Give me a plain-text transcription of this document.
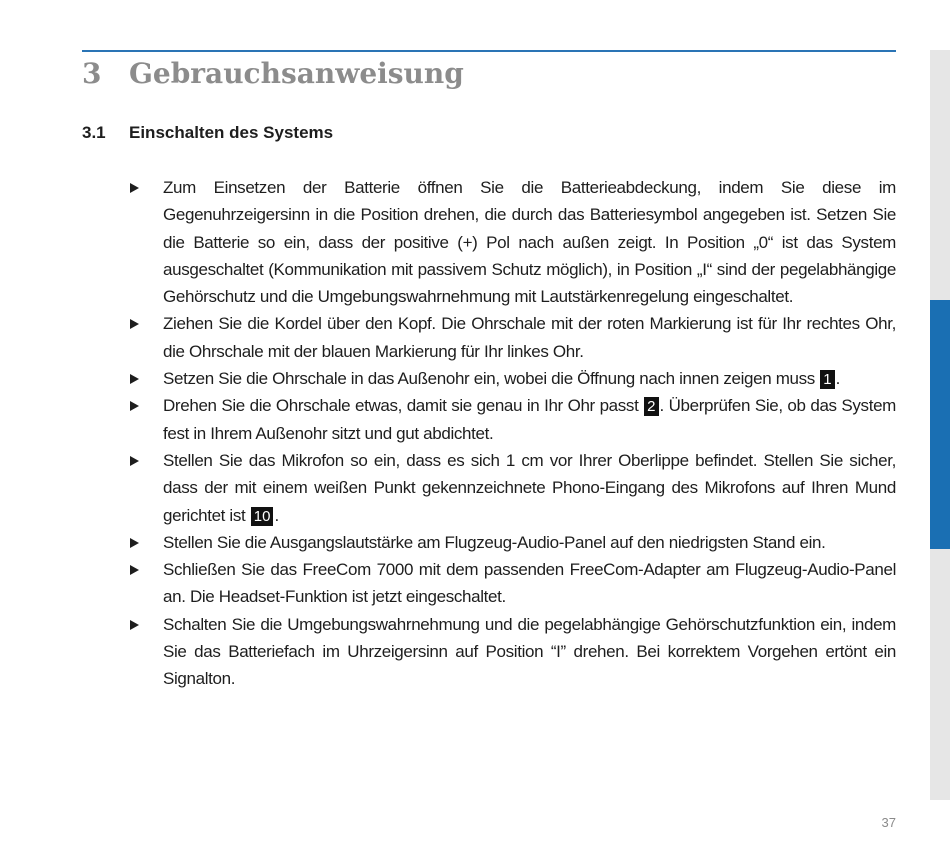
3 Gebrauchsanweisung
3.1 Einschalten des Systems
Zum Einsetzen der Batterie öffnen Sie die Batterieabdeckung, indem Sie diese im Gegenuhrzeigersinn in die Position drehen, die durch das Batteriesymbol angegeben ist. Setzen Sie die Batterie so ein, dass der positive (+) Pol nach außen zeigt. In Position „0“ ist das System ausgeschaltet (Kommunikation mit passivem Schutz möglich), in Position „I“ sind der pegelabhängige Gehörschutz und die Umgebungswahrnehmung mit Lautstärkenregelung eingeschaltet.
Ziehen Sie die Kordel über den Kopf. Die Ohrschale mit der roten Markierung ist für Ihr rechtes Ohr, die Ohrschale mit der blauen Markierung für Ihr linkes Ohr.
Setzen Sie die Ohrschale in das Außenohr ein, wobei die Öffnung nach innen zeigen muss 1 .
Drehen Sie die Ohrschale etwas, damit sie genau in Ihr Ohr passt 2 . Überprüfen Sie, ob das System fest in Ihrem Außenohr sitzt und gut abdichtet.
Stellen Sie das Mikrofon so ein, dass es sich 1 cm vor Ihrer Oberlippe befindet. Stellen Sie sicher, dass der mit einem weißen Punkt gekennzeichnete Phono-Eingang des Mikrofons auf Ihren Mund gerichtet ist 10 .
Stellen Sie die Ausgangslautstärke am Flugzeug-Audio-Panel auf den niedrigsten Stand ein.
Schließen Sie das FreeCom 7000 mit dem passenden FreeCom-Adapter am Flugzeug-Audio-Panel an. Die Headset-Funktion ist jetzt eingeschaltet.
Schalten Sie die Umgebungswahrnehmung und die pegelabhängige Gehörschutzfunktion ein, indem Sie das Batteriefach im Uhrzeigersinn auf Position “I” drehen. Bei korrektem Vorgehen ertönt ein Signalton.
37
